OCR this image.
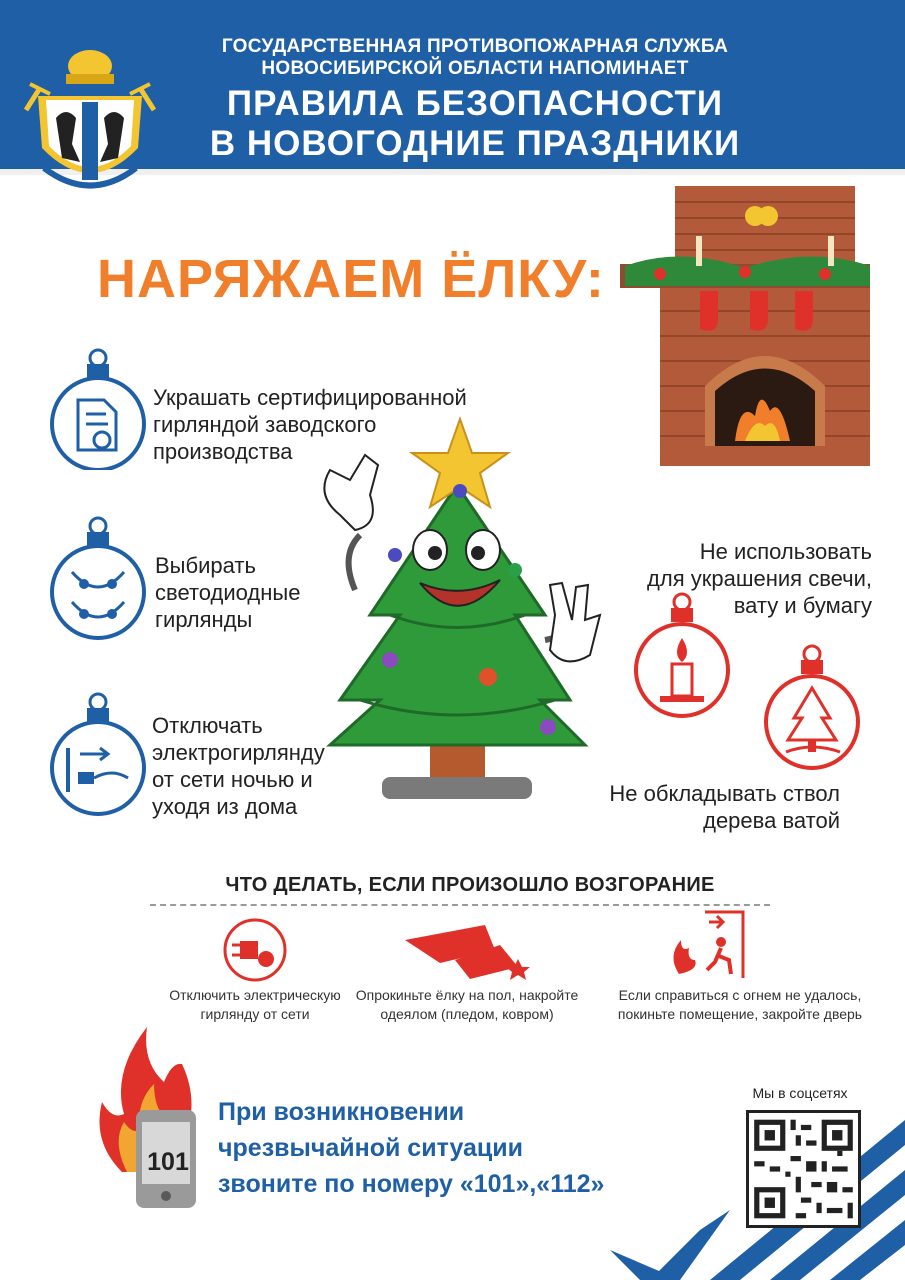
ГОСУДАРСТВЕННАЯ ПРОТИВОПОЖАРНАЯ СЛУЖБА
НОВОСИБИРСКОЙ ОБЛАСТИ НАПОМИНАЕТ
ПРАВИЛА БЕЗОПАСНОСТИ
В НОВОГОДНИЕ ПРАЗДНИКИ
НАРЯЖАЕМ ЁЛКУ:
Украшать сертифицированной
гирляндой заводского
производства
Выбирать
светодиодные
гирлянды
Отключать
электрогирлянду
от сети ночью и
уходя из дома
Не использовать
для украшения свечи,
вату и бумагу
Не обкладывать ствол
дерева ватой
ЧТО ДЕЛАТЬ, ЕСЛИ ПРОИЗОШЛО ВОЗГОРАНИЕ
Отключить электрическую
гирлянду от сети
Опрокиньте ёлку на пол, накройте
одеялом (пледом, ковром)
Если справиться с огнем не удалось,
покиньте помещение, закройте дверь
101
При возникновении
чрезвычайной ситуации
звоните по номеру «101»,«112»
Мы в соцсетях
